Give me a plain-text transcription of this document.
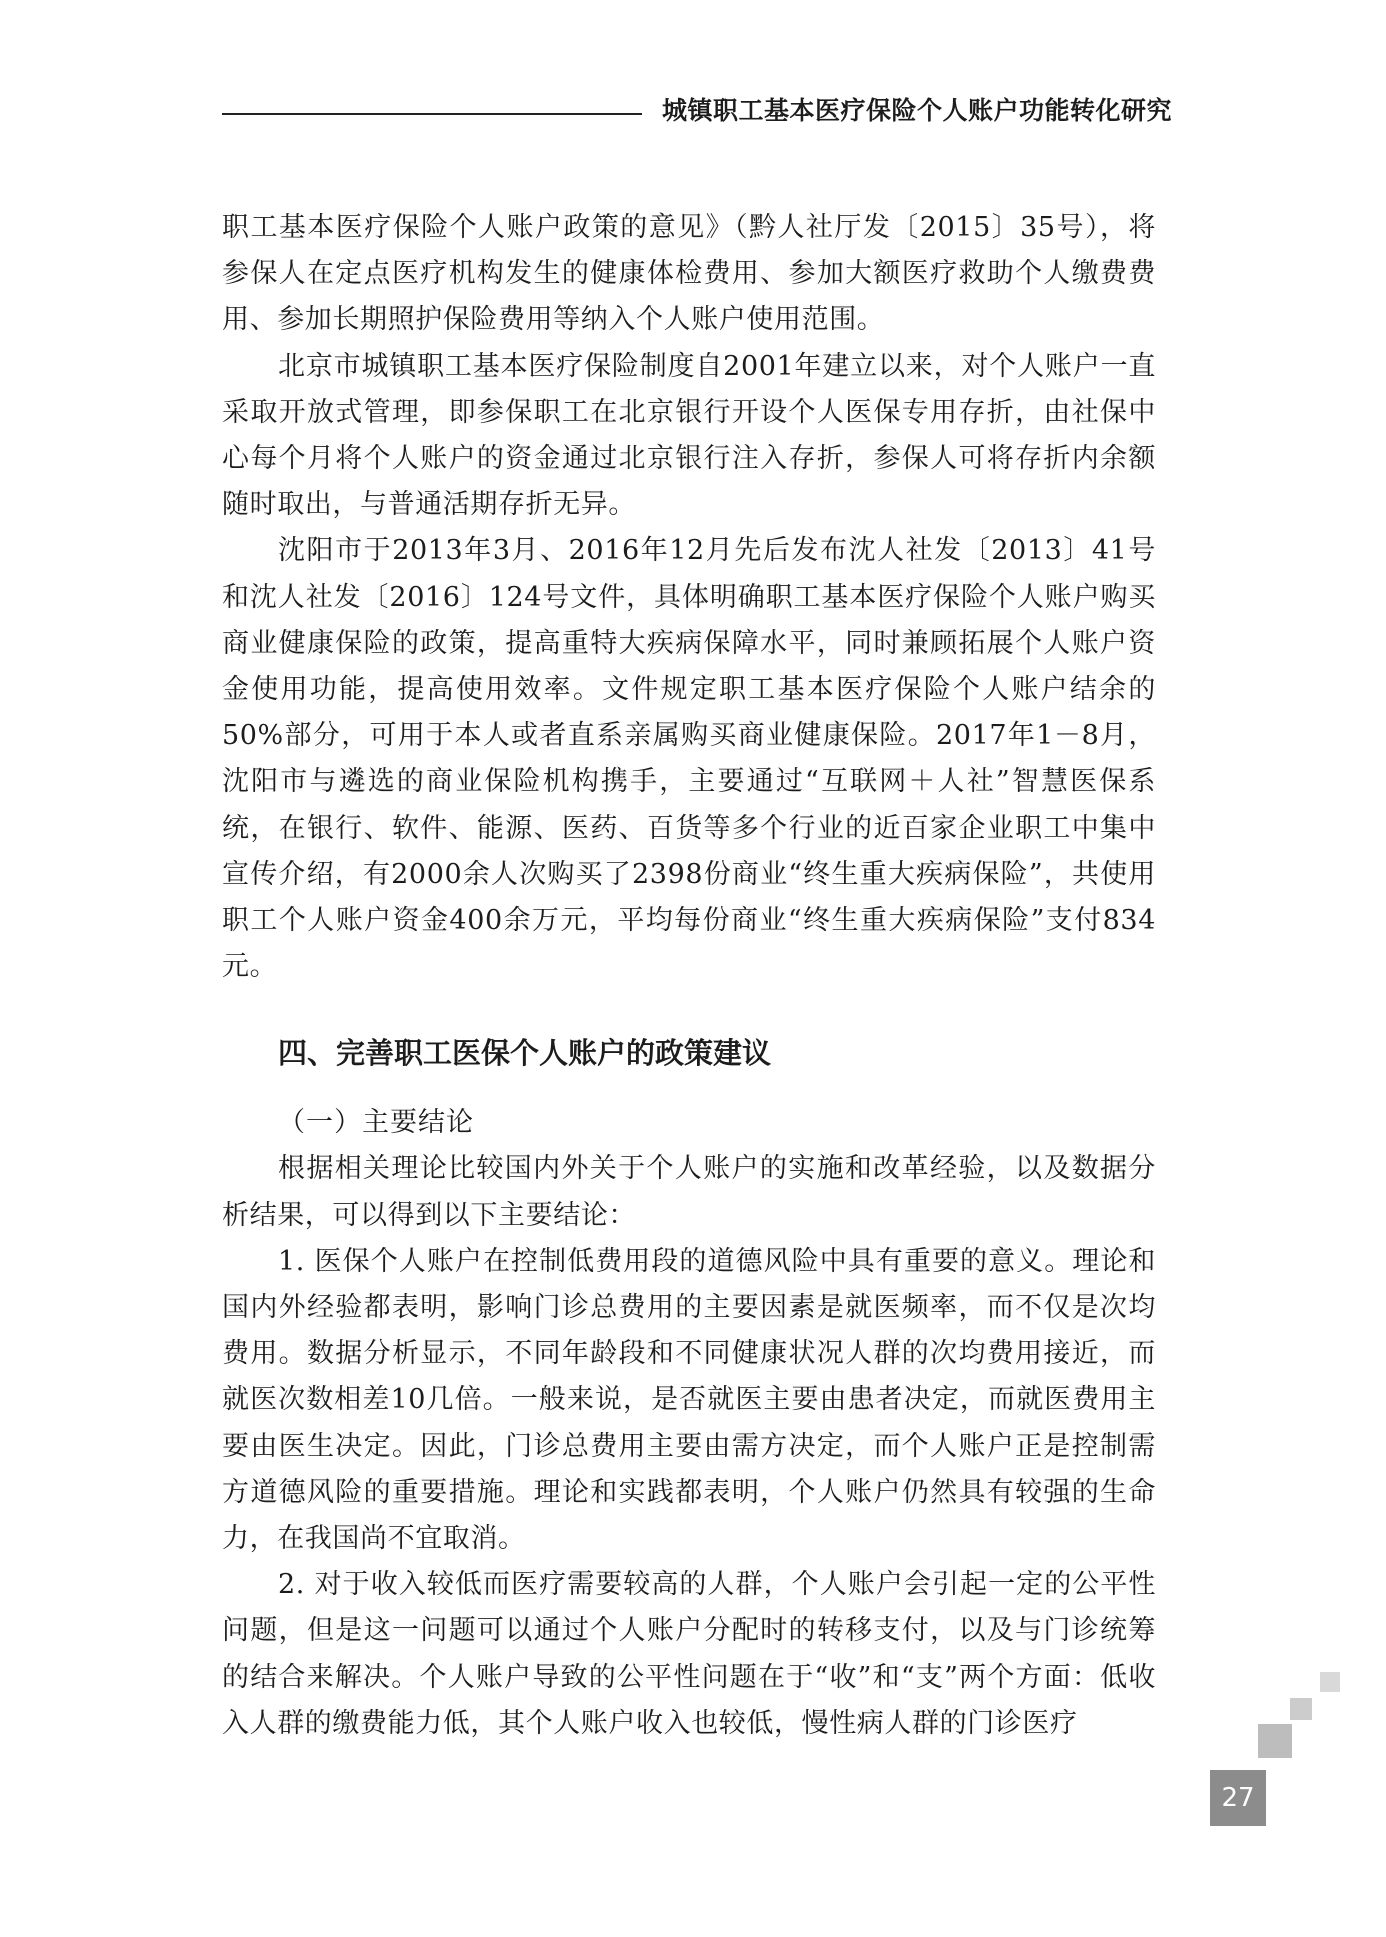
城镇职工基本医疗保险个人账户功能转化研究

职工基本医疗保险个人账户政策的意见》（黔人社厅发〔2015〕35号），将参保人在定点医疗机构发生的健康体检费用、参加大额医疗救助个人缴费费用、参加长期照护保险费用等纳入个人账户使用范围。

北京市城镇职工基本医疗保险制度自2001年建立以来，对个人账户一直采取开放式管理，即参保职工在北京银行开设个人医保专用存折，由社保中心每个月将个人账户的资金通过北京银行注入存折，参保人可将存折内余额随时取出，与普通活期存折无异。

沈阳市于2013年3月、2016年12月先后发布沈人社发〔2013〕41号和沈人社发〔2016〕124号文件，具体明确职工基本医疗保险个人账户购买商业健康保险的政策，提高重特大疾病保障水平，同时兼顾拓展个人账户资金使用功能，提高使用效率。文件规定职工基本医疗保险个人账户结余的50%部分，可用于本人或者直系亲属购买商业健康保险。2017年1－8月，沈阳市与遴选的商业保险机构携手，主要通过“互联网＋人社”智慧医保系统，在银行、软件、能源、医药、百货等多个行业的近百家企业职工中集中宣传介绍，有2000余人次购买了2398份商业“终生重大疾病保险”，共使用职工个人账户资金400余万元，平均每份商业“终生重大疾病保险”支付834元。

四、完善职工医保个人账户的政策建议
（一）主要结论

根据相关理论比较国内外关于个人账户的实施和改革经验，以及数据分析结果，可以得到以下主要结论：

1. 医保个人账户在控制低费用段的道德风险中具有重要的意义。理论和国内外经验都表明，影响门诊总费用的主要因素是就医频率，而不仅是次均费用。数据分析显示，不同年龄段和不同健康状况人群的次均费用接近，而就医次数相差10几倍。一般来说，是否就医主要由患者决定，而就医费用主要由医生决定。因此，门诊总费用主要由需方决定，而个人账户正是控制需方道德风险的重要措施。理论和实践都表明，个人账户仍然具有较强的生命力，在我国尚不宜取消。

2. 对于收入较低而医疗需要较高的人群，个人账户会引起一定的公平性问题，但是这一问题可以通过个人账户分配时的转移支付，以及与门诊统筹的结合来解决。个人账户导致的公平性问题在于“收”和“支”两个方面：低收入人群的缴费能力低，其个人账户收入也较低，慢性病人群的门诊医疗

27
